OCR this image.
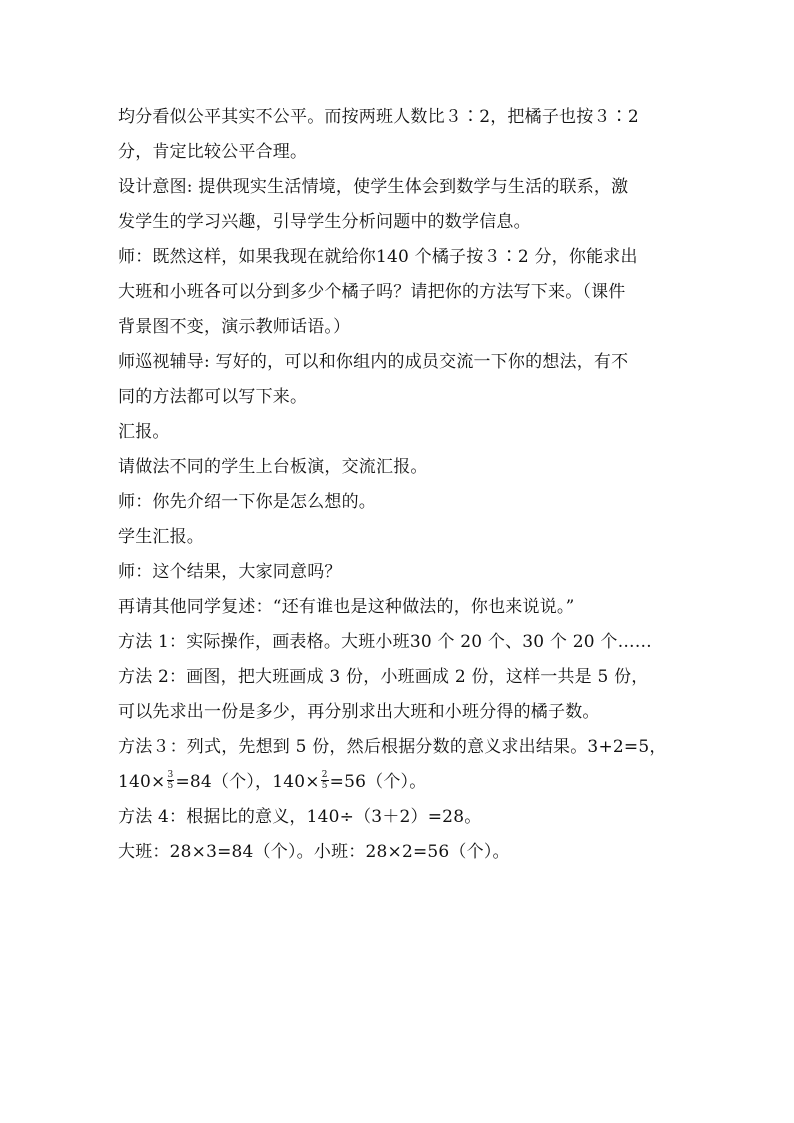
均分看似公平其实不公平。而按两班人数比３∶2，把橘子也按３∶2
分，肯定比较公平合理。
设计意图: 提供现实生活情境，使学生体会到数学与生活的联系，激
发学生的学习兴趣，引导学生分析问题中的数学信息。
师：既然这样，如果我现在就给你140 个橘子按３∶2 分，你能求出
大班和小班各可以分到多少个橘子吗？请把你的方法写下来。（课件
背景图不变，演示教师话语。）
师巡视辅导: 写好的，可以和你组内的成员交流一下你的想法，有不
同的方法都可以写下来。
汇报。
请做法不同的学生上台板演，交流汇报。
师：你先介绍一下你是怎么想的。
学生汇报。
师：这个结果，大家同意吗？
再请其他同学复述：“还有谁也是这种做法的，你也来说说。”
方法 1：实际操作，画表格。大班小班30 个 20 个、30 个 20 个……
方法 2：画图，把大班画成 3 份，小班画成 2 份，这样一共是 5 份，
可以先求出一份是多少，再分别求出大班和小班分得的橘子数。
方法３：列式，先想到 5 份，然后根据分数的意义求出结果。3+2=5，
$140\times \frac{3}{5} =84$（个），$140\times \frac{2}{5} =56$（个）。
方法 4：根据比的意义，140÷（3＋2）=28。
大班：28×3=84（个）。小班：28×2=56（个）。
